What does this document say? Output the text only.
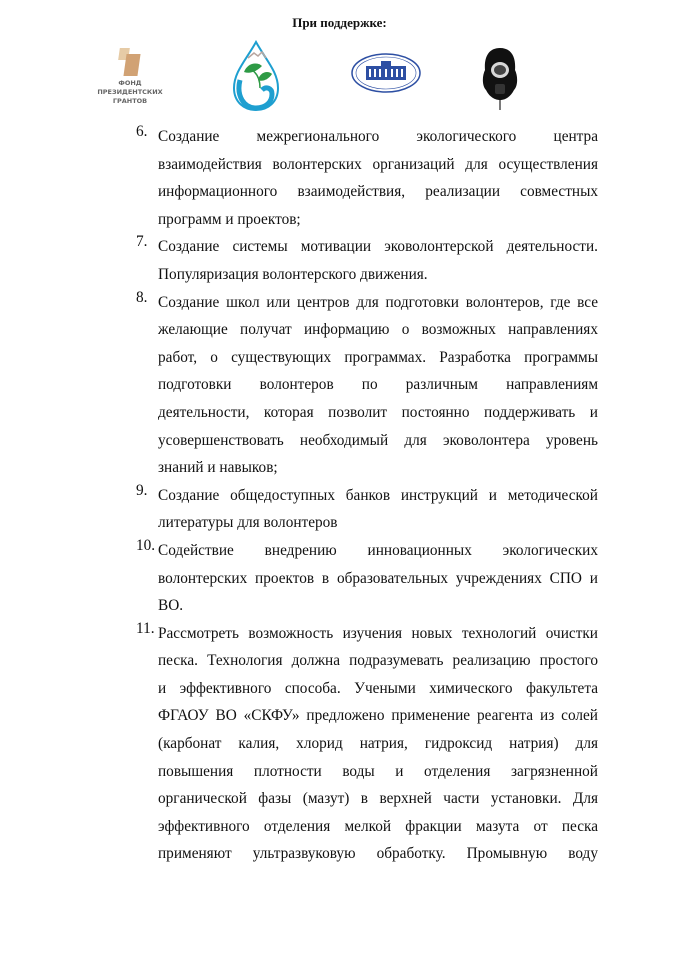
При поддержке:
ФОНД
ПРЕЗИДЕНТСКИХ
ГРАНТОВ
6. Создание межрегионального экологического центра
взаимодействия волонтерских организаций для осуществления
информационного взаимодействия, реализации совместных
программ и проектов;
7. Создание системы мотивации эковолонтерской деятельности.
Популяризация волонтерского движения.
8. Создание школ или центров для подготовки волонтеров, где все
желающие получат информацию о возможных направлениях
работ, о существующих программах. Разработка программы
подготовки волонтеров по различным направлениям
деятельности, которая позволит постоянно поддерживать и
усовершенствовать необходимый для эковолонтера уровень
знаний и навыков;
9. Создание общедоступных банков инструкций и методической
литературы для волонтеров
10. Содействие внедрению инновационных экологических
волонтерских проектов в образовательных учреждениях СПО и
ВО.
11. Рассмотреть возможность изучения новых технологий очистки
песка. Технология должна подразумевать реализацию простого
и эффективного способа. Учеными химического факультета
ФГАОУ ВО «СКФУ» предложено применение реагента из солей
(карбонат калия, хлорид натрия, гидроксид натрия) для
повышения плотности воды и отделения загрязненной
органической фазы (мазут) в верхней части установки. Для
эффективного отделения мелкой фракции мазута от песка
применяют ультразвуковую обработку. Промывную воду
